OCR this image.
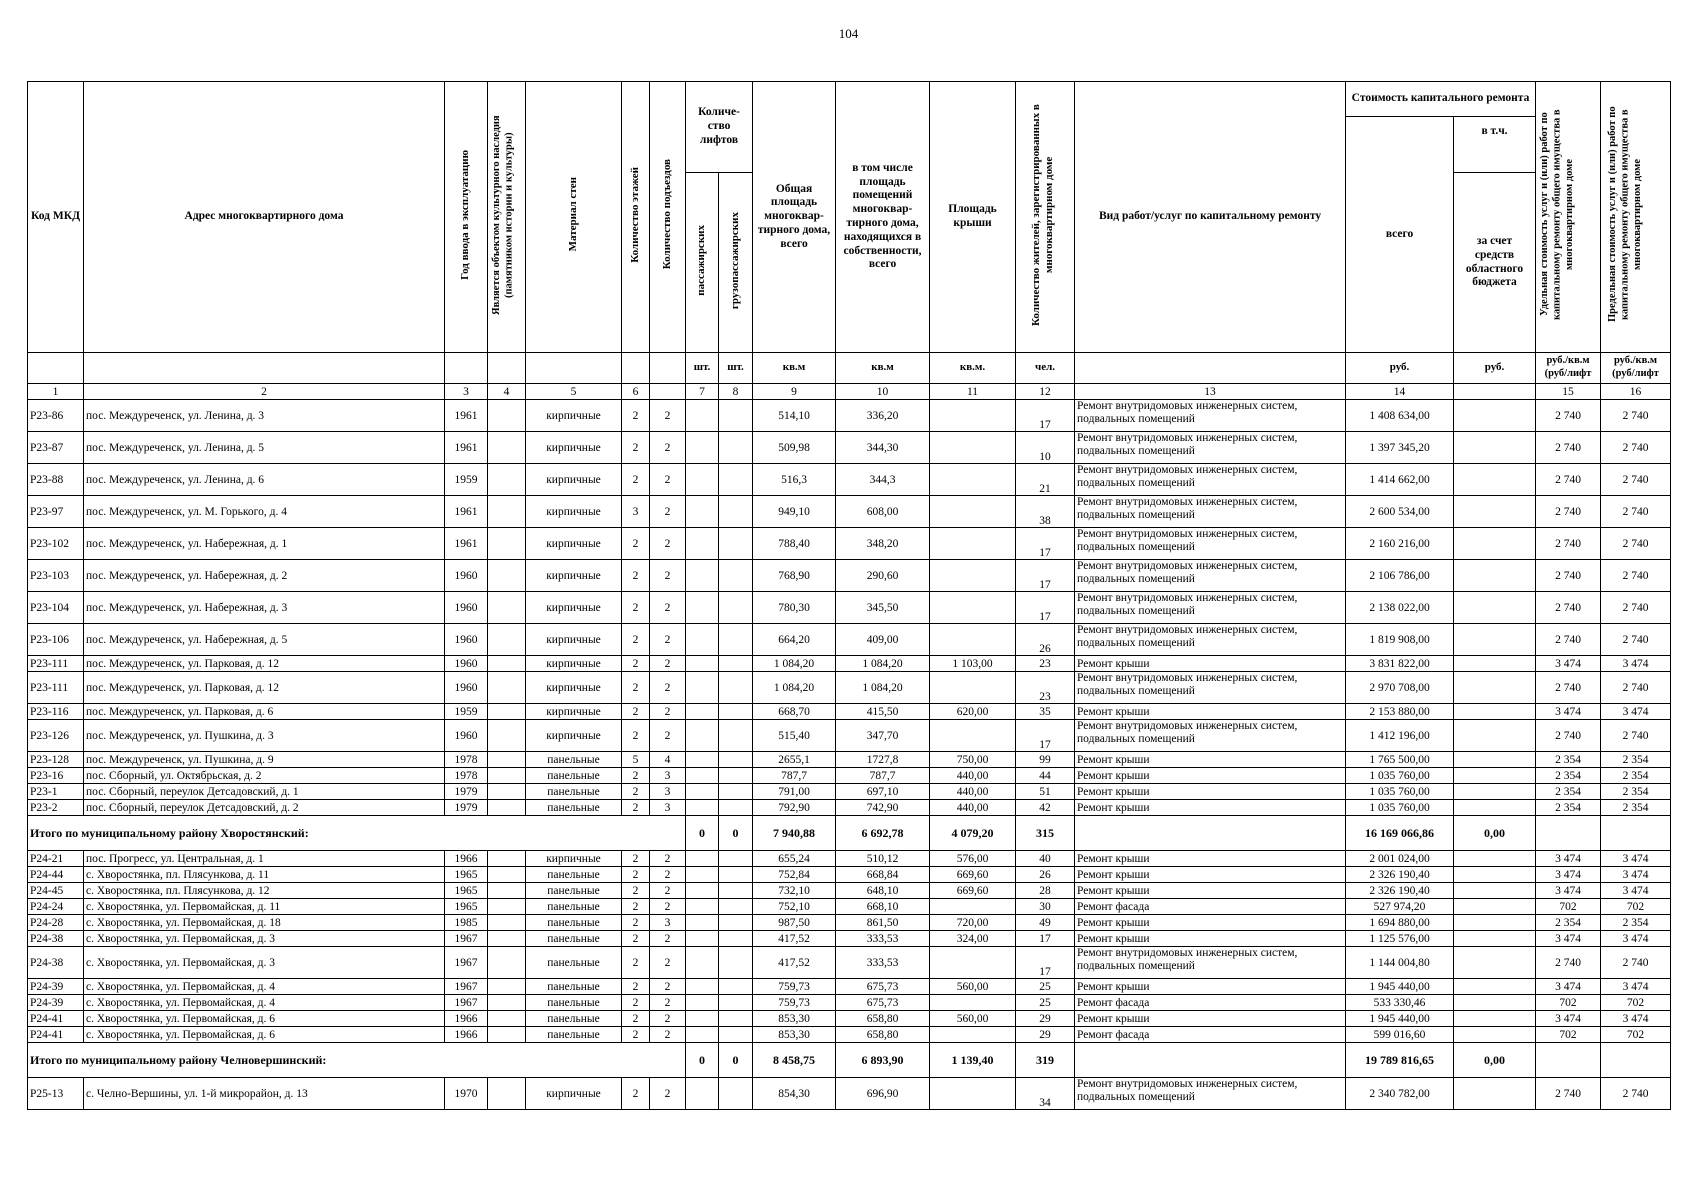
104
Код МКД	Адрес многоквартирного дома	Год ввода в эксплуатацию	Является объектом культурного наследия (памятником истории и культуры)	Материал стен	Количество этажей	Количество подъездов	Количе-ство лифтов		Общая площадь многоквар-тирного дома, всего	в том числе площадь помещений многоквар-тирного дома, находящихся в собственности, всего	Площадь крыши	Количество жителей, зарегистрированных в многоквартирном доме	Вид работ/услуг по капитальному ремонту	Стоимость капитального ремонта		Удельная стоимость услуг и (или) работ по капитальному ремонту общего имущества в многоквартирном доме	Предельная стоимость услуг и (или) работ по капитальному ремонту общего имущества в многоквартирном доме
														всего	в т.ч.		
							пассажирских	грузопассажирских							за счет средств областного бюджета		
							шт.	шт.	кв.м	кв.м	кв.м.	чел.		руб.	руб.	руб./кв.м (руб/лифт	руб./кв.м (руб/лифт
1	2	3	4	5	6		7	8	9	10	11	12	13	14		15	16
Р23-86	пос. Междуреченск, ул. Ленина, д. 3	1961		кирпичные	2	2			514,10	336,20		17	Ремонт внутридомовых инженерных систем, подвальных помещений	1 408 634,00		2 740	2 740
Р23-87	пос. Междуреченск, ул. Ленина, д. 5	1961		кирпичные	2	2			509,98	344,30		10	Ремонт внутридомовых инженерных систем, подвальных помещений	1 397 345,20		2 740	2 740
Р23-88	пос. Междуреченск, ул. Ленина, д. 6	1959		кирпичные	2	2			516,3	344,3		21	Ремонт внутридомовых инженерных систем, подвальных помещений	1 414 662,00		2 740	2 740
Р23-97	пос. Междуреченск, ул. М. Горького, д. 4	1961		кирпичные	3	2			949,10	608,00		38	Ремонт внутридомовых инженерных систем, подвальных помещений	2 600 534,00		2 740	2 740
Р23-102	пос. Междуреченск, ул. Набережная, д. 1	1961		кирпичные	2	2			788,40	348,20		17	Ремонт внутридомовых инженерных систем, подвальных помещений	2 160 216,00		2 740	2 740
Р23-103	пос. Междуреченск, ул. Набережная, д. 2	1960		кирпичные	2	2			768,90	290,60		17	Ремонт внутридомовых инженерных систем, подвальных помещений	2 106 786,00		2 740	2 740
Р23-104	пос. Междуреченск, ул. Набережная, д. 3	1960		кирпичные	2	2			780,30	345,50		17	Ремонт внутридомовых инженерных систем, подвальных помещений	2 138 022,00		2 740	2 740
Р23-106	пос. Междуреченск, ул. Набережная, д. 5	1960		кирпичные	2	2			664,20	409,00		26	Ремонт внутридомовых инженерных систем, подвальных помещений	1 819 908,00		2 740	2 740
Р23-111	пос. Междуреченск, ул. Парковая, д. 12	1960		кирпичные	2	2			1 084,20	1 084,20	1 103,00	23	Ремонт крыши	3 831 822,00		3 474	3 474
Р23-111	пос. Междуреченск, ул. Парковая, д. 12	1960		кирпичные	2	2			1 084,20	1 084,20		23	Ремонт внутридомовых инженерных систем, подвальных помещений	2 970 708,00		2 740	2 740
Р23-116	пос. Междуреченск, ул. Парковая, д. 6	1959		кирпичные	2	2			668,70	415,50	620,00	35	Ремонт крыши	2 153 880,00		3 474	3 474
Р23-126	пос. Междуреченск, ул. Пушкина, д. 3	1960		кирпичные	2	2			515,40	347,70		17	Ремонт внутридомовых инженерных систем, подвальных помещений	1 412 196,00		2 740	2 740
Р23-128	пос. Междуреченск, ул. Пушкина, д. 9	1978		панельные	5	4			2655,1	1727,8	750,00	99	Ремонт крыши	1 765 500,00		2 354	2 354
Р23-16	пос. Сборный, ул. Октябрьская, д. 2	1978		панельные	2	3			787,7	787,7	440,00	44	Ремонт крыши	1 035 760,00		2 354	2 354
Р23-1	пос. Сборный, переулок Детсадовский, д. 1	1979		панельные	2	3			791,00	697,10	440,00	51	Ремонт крыши	1 035 760,00		2 354	2 354
Р23-2	пос. Сборный, переулок Детсадовский, д. 2	1979		панельные	2	3			792,90	742,90	440,00	42	Ремонт крыши	1 035 760,00		2 354	2 354
Итого по муниципальному району Хворостянский:							0	0	7 940,88	6 692,78	4 079,20	315		16 169 066,86	0,00		
Р24-21	пос. Прогресс, ул. Центральная, д. 1	1966		кирпичные	2	2			655,24	510,12	576,00	40	Ремонт крыши	2 001 024,00		3 474	3 474
Р24-44	с. Хворостянка, пл. Плясункова, д. 11	1965		панельные	2	2			752,84	668,84	669,60	26	Ремонт крыши	2 326 190,40		3 474	3 474
Р24-45	с. Хворостянка, пл. Плясункова, д. 12	1965		панельные	2	2			732,10	648,10	669,60	28	Ремонт крыши	2 326 190,40		3 474	3 474
Р24-24	с. Хворостянка, ул. Первомайская, д. 11	1965		панельные	2	2			752,10	668,10		30	Ремонт фасада	527 974,20		702	702
Р24-28	с. Хворостянка, ул. Первомайская, д. 18	1985		панельные	2	3			987,50	861,50	720,00	49	Ремонт крыши	1 694 880,00		2 354	2 354
Р24-38	с. Хворостянка, ул. Первомайская, д. 3	1967		панельные	2	2			417,52	333,53	324,00	17	Ремонт крыши	1 125 576,00		3 474	3 474
Р24-38	с. Хворостянка, ул. Первомайская, д. 3	1967		панельные	2	2			417,52	333,53		17	Ремонт внутридомовых инженерных систем, подвальных помещений	1 144 004,80		2 740	2 740
Р24-39	с. Хворостянка, ул. Первомайская, д. 4	1967		панельные	2	2			759,73	675,73	560,00	25	Ремонт крыши	1 945 440,00		3 474	3 474
Р24-39	с. Хворостянка, ул. Первомайская, д. 4	1967		панельные	2	2			759,73	675,73		25	Ремонт фасада	533 330,46		702	702
Р24-41	с. Хворостянка, ул. Первомайская, д. 6	1966		панельные	2	2			853,30	658,80	560,00	29	Ремонт крыши	1 945 440,00		3 474	3 474
Р24-41	с. Хворостянка, ул. Первомайская, д. 6	1966		панельные	2	2			853,30	658,80		29	Ремонт фасада	599 016,60		702	702
Итого по муниципальному району Челновершинский:							0	0	8 458,75	6 893,90	1 139,40	319		19 789 816,65	0,00		
Р25-13	с. Челно-Вершины, ул. 1-й микрорайон, д. 13	1970		кирпичные	2	2			854,30	696,90		34	Ремонт внутридомовых инженерных систем, подвальных помещений	2 340 782,00		2 740	2 740
